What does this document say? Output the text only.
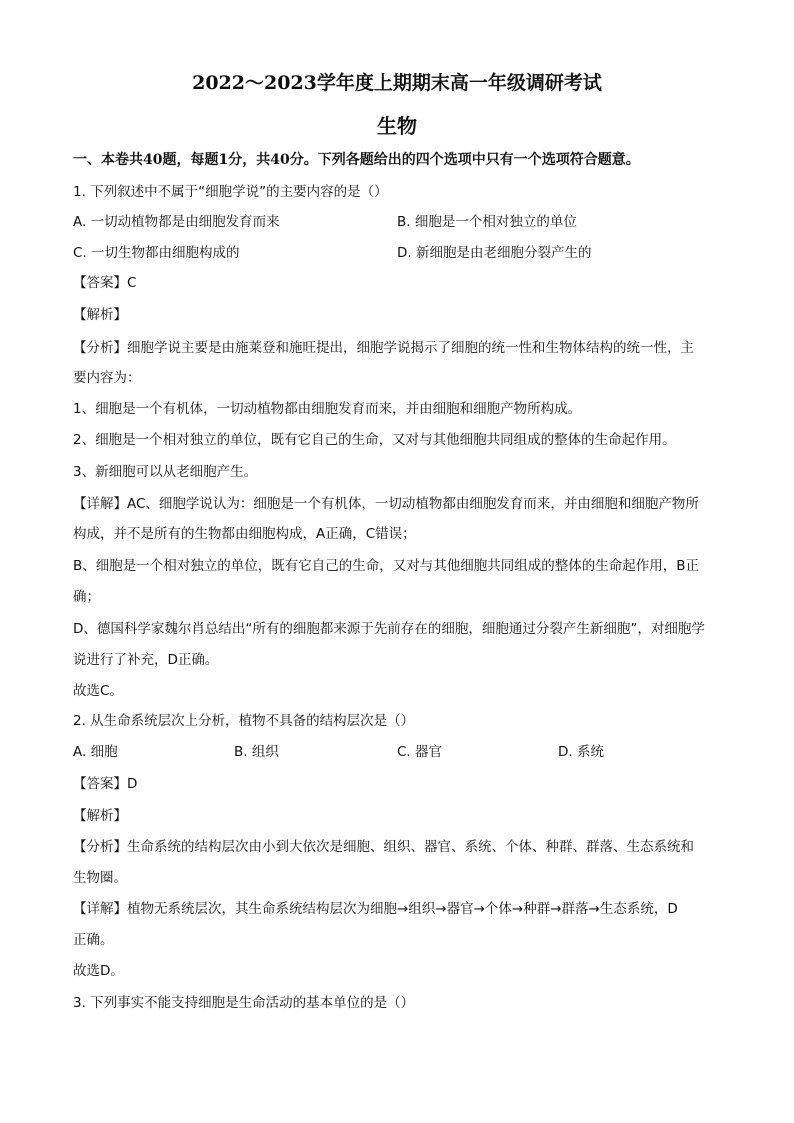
2022～2023学年度上期期末高一年级调研考试
生物
一、本卷共40题，每题1分，共40分。下列各题给出的四个选项中只有一个选项符合题意。
1. 下列叙述中不属于“细胞学说”的主要内容的是（）
A. 一切动植物都是由细胞发育而来	B. 细胞是一个相对独立的单位
C. 一切生物都由细胞构成的	D. 新细胞是由老细胞分裂产生的
【答案】C
【解析】
【分析】细胞学说主要是由施莱登和施旺提出，细胞学说揭示了细胞的统一性和生物体结构的统一性，主
要内容为：
1、细胞是一个有机体，一切动植物都由细胞发育而来，并由细胞和细胞产物所构成。
2、细胞是一个相对独立的单位，既有它自己的生命，又对与其他细胞共同组成的整体的生命起作用。
3、新细胞可以从老细胞产生。
【详解】AC、细胞学说认为：细胞是一个有机体，一切动植物都由细胞发育而来，并由细胞和细胞产物所
构成，并不是所有的生物都由细胞构成，A正确，C错误；
B、细胞是一个相对独立的单位，既有它自己的生命，又对与其他细胞共同组成的整体的生命起作用，B正
确；
D、德国科学家魏尔肖总结出“所有的细胞都来源于先前存在的细胞，细胞通过分裂产生新细胞”，对细胞学
说进行了补充，D正确。
故选C。
2. 从生命系统层次上分析，植物不具备的结构层次是（）
A. 细胞	B. 组织	C. 器官	D. 系统
【答案】D
【解析】
【分析】生命系统的结构层次由小到大依次是细胞、组织、器官、系统、个体、种群、群落、生态系统和
生物圈。
【详解】植物无系统层次，其生命系统结构层次为细胞→组织→器官→个体→种群→群落→生态系统，D
正确。
故选D。
3. 下列事实不能支持细胞是生命活动的基本单位的是（）
